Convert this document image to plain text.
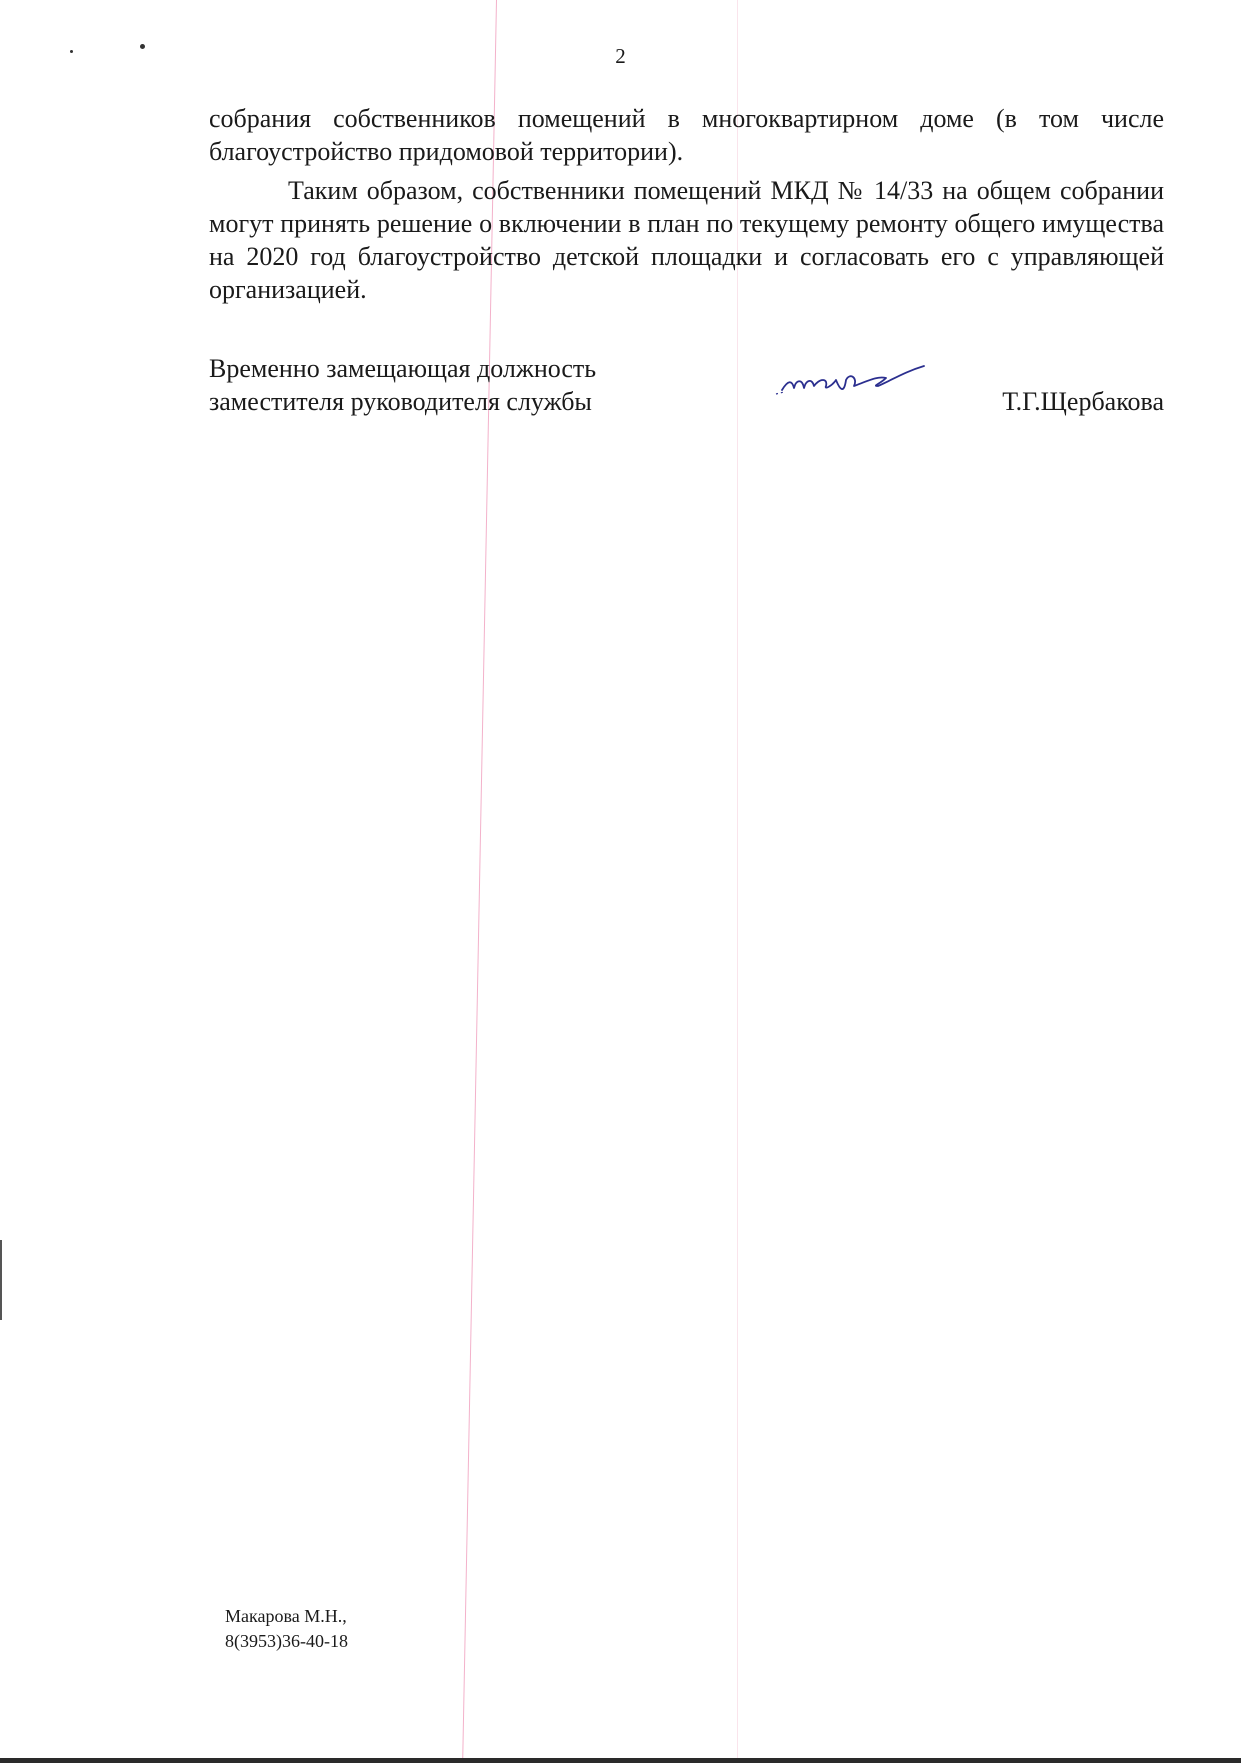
2

собрания собственников помещений в многоквартирном доме (в том числе благоустройство придомовой территории).

Таким образом, собственники помещений МКД № 14/33 на общем собрании могут принять решение о включении в план по текущему ремонту общего имущества на 2020 год благоустройство детской площадки и согласовать его с управляющей организацией.

Временно замещающая должность
заместителя руководителя службы	Т.Г.Щербакова
Макарова М.Н.,
8(3953)36-40-18
